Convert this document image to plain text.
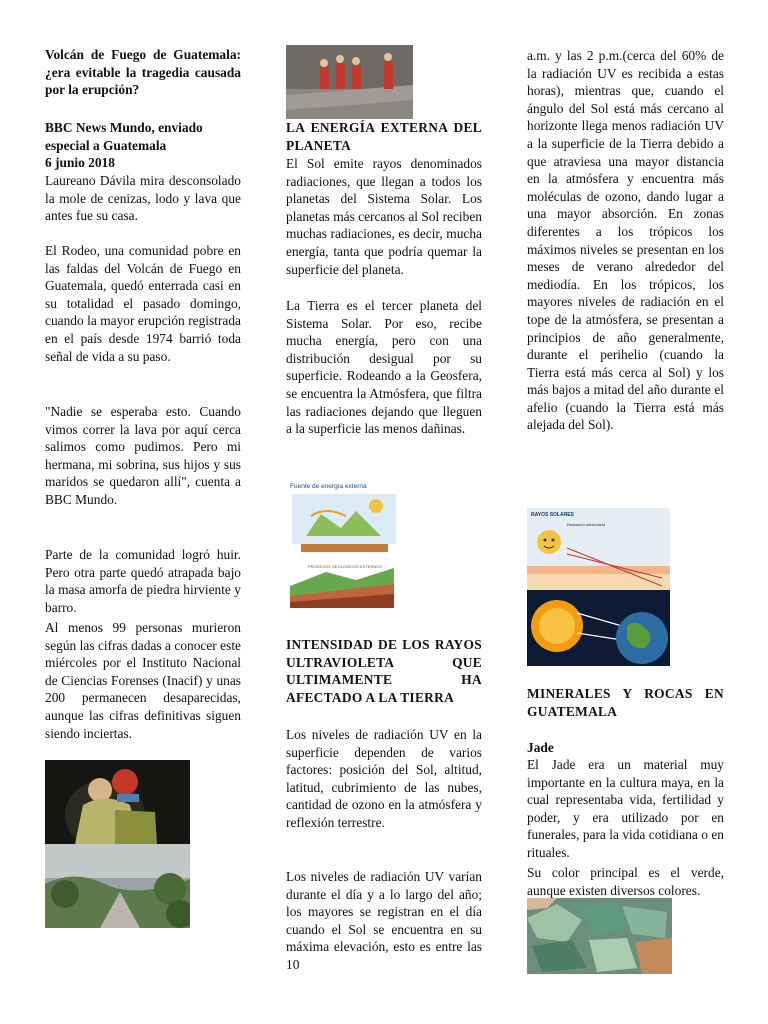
Volcán de Fuego de Guatemala: ¿era evitable la tragedia causada por la erupción?

BBC News Mundo, enviado especial a Guatemala

6 junio 2018

Laureano Dávila mira desconsolado la mole de cenizas, lodo y lava que antes fue su casa.

El Rodeo, una comunidad pobre en las faldas del Volcán de Fuego en Guatemala, quedó enterrada casi en su totalidad el pasado domingo, cuando la mayor erupción registrada en el país desde 1974 barrió toda señal de vida a su paso.

"Nadie se esperaba esto. Cuando vimos correr la lava por aquí cerca salimos como pudimos. Pero mi hermana, mi sobrina, sus hijos y sus maridos se quedaron allí", cuenta a BBC Mundo.

Parte de la comunidad logró huir. Pero otra parte quedó atrapada bajo la masa amorfa de piedra hirviente y barro.

Al menos 99 personas murieron según las cifras dadas a conocer este miércoles por el Instituto Nacional de Ciencias Forenses (Inacif) y unas 200 permanecen desaparecidas, aunque las cifras definitivas siguen siendo inciertas.

LA ENERGÍA EXTERNA DEL PLANETA

El Sol emite rayos denominados radiaciones, que llegan a todos los planetas del Sistema Solar. Los planetas más cercanos al Sol reciben muchas radiaciones, es decir, mucha energía, tanta que podría quemar la superficie del planeta.

La Tierra es el tercer planeta del Sistema Solar. Por eso, recibe mucha energía, pero con una distribución desigual por su superficie. Rodeando a la Geosfera, se encuentra la Atmósfera, que filtra las radiaciones dejando que lleguen a la superficie las menos dañinas.

Fuente de energía externa
PROCESOS GEOLÓGICOS EXTERNOS
INTENSIDAD DE LOS RAYOS ULTRAVIOLETA QUE ULTIMAMENTE HA AFECTADO A LA TIERRA

Los niveles de radiación UV en la superficie dependen de varios factores: posición del Sol, altitud, latitud, cubrimiento de las nubes, cantidad de ozono en la atmósfera y reflexión terrestre.

Los niveles de radiación UV varían durante el día y a lo largo del año; los mayores se registran en el día cuando el Sol se encuentra en su máxima elevación, esto es entre las 10

a.m. y las 2 p.m.(cerca del 60% de la radiación UV es recibida a estas horas), mientras que, cuando el ángulo del Sol está más cercano al horizonte llega menos radiación UV a la superficie de la Tierra debido a que atraviesa una mayor distancia en la atmósfera y encuentra más moléculas de ozono, dando lugar a una mayor absorción. En zonas diferentes a los trópicos los máximos niveles se presentan en los meses de verano alrededor del mediodía. En los trópicos, los mayores niveles de radiación en el tope de la atmósfera, se presentan a principios de año generalmente, durante el perihelio (cuando la Tierra está más cerca al Sol) y los más bajos a mitad del año durante el afelio (cuando la Tierra está más alejada del Sol).

RAYOS SOLARES
Radiación ultravioleta
MINERALES Y ROCAS EN GUATEMALA

Jade

El Jade era un material muy importante en la cultura maya, en la cual representaba vida, fertilidad y poder, y era utilizado por en funerales, para la vida cotidiana o en rituales.

Su color principal es el verde, aunque existen diversos colores.
